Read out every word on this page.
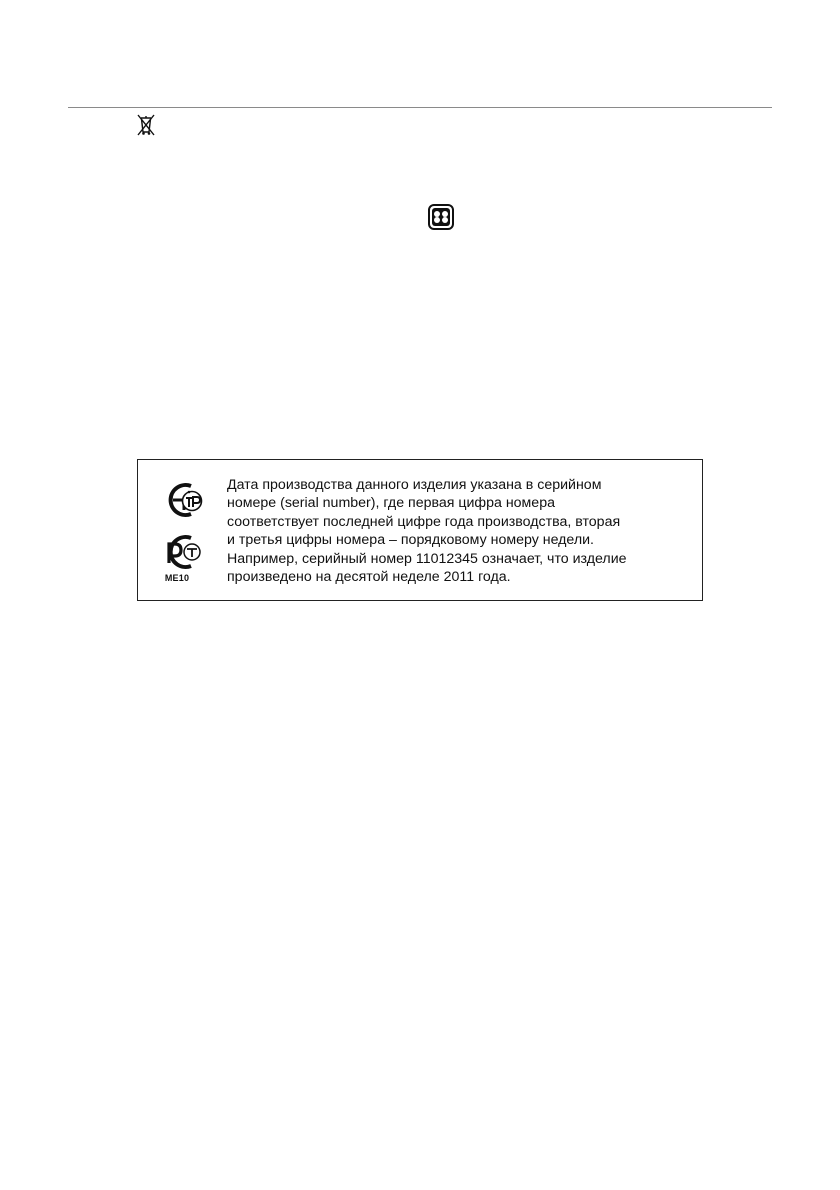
ME10
Дата производства данного изделия указана в серийном
номере (serial number), где первая цифра номера
соответствует последней цифре года производства, вторая
и третья цифры номера – порядковому номеру недели.
Например, серийный номер 11012345 означает, что изделие
произведено на десятой неделе 2011 года.
